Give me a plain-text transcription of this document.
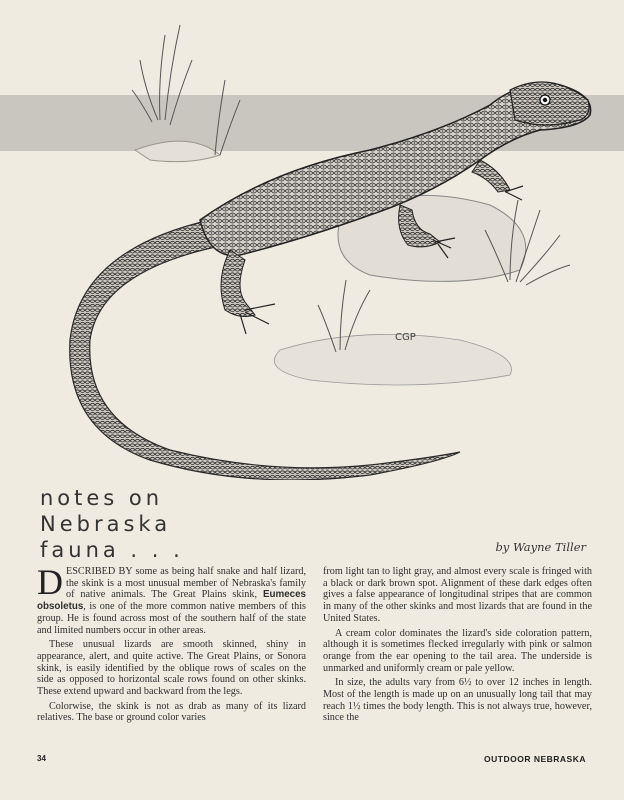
CGP
notes on
Nebraska
fauna . . .	by Wayne Tiller

DESCRIBED BY some as being half snake and half lizard, the skink is a most unusual member of Nebraska's family of native animals. The Great Plains skink, Eumeces obsoletus, is one of the more common native members of this group. He is found across most of the southern half of the state and limited numbers occur in other areas.

These unusual lizards are smooth skinned, shiny in appearance, alert, and quite active. The Great Plains, or Sonora skink, is easily identified by the oblique rows of scales on the side as opposed to horizontal scale rows found on other skinks. These extend upward and backward from the legs.

Colorwise, the skink is not as drab as many of its lizard relatives. The base or ground color varies

from light tan to light gray, and almost every scale is fringed with a black or dark brown spot. Alignment of these dark edges often gives a false appearance of longitudinal stripes that are common in many of the other skinks and most lizards that are found in the United States.

A cream color dominates the lizard's side coloration pattern, although it is sometimes flecked irregularly with pink or salmon orange from the ear opening to the tail area. The underside is unmarked and uniformly cream or pale yellow.

In size, the adults vary from 6½ to over 12 inches in length. Most of the length is made up on an unusually long tail that may reach 1½ times the body length. This is not always true, however, since the

34	OUTDOOR NEBRASKA
